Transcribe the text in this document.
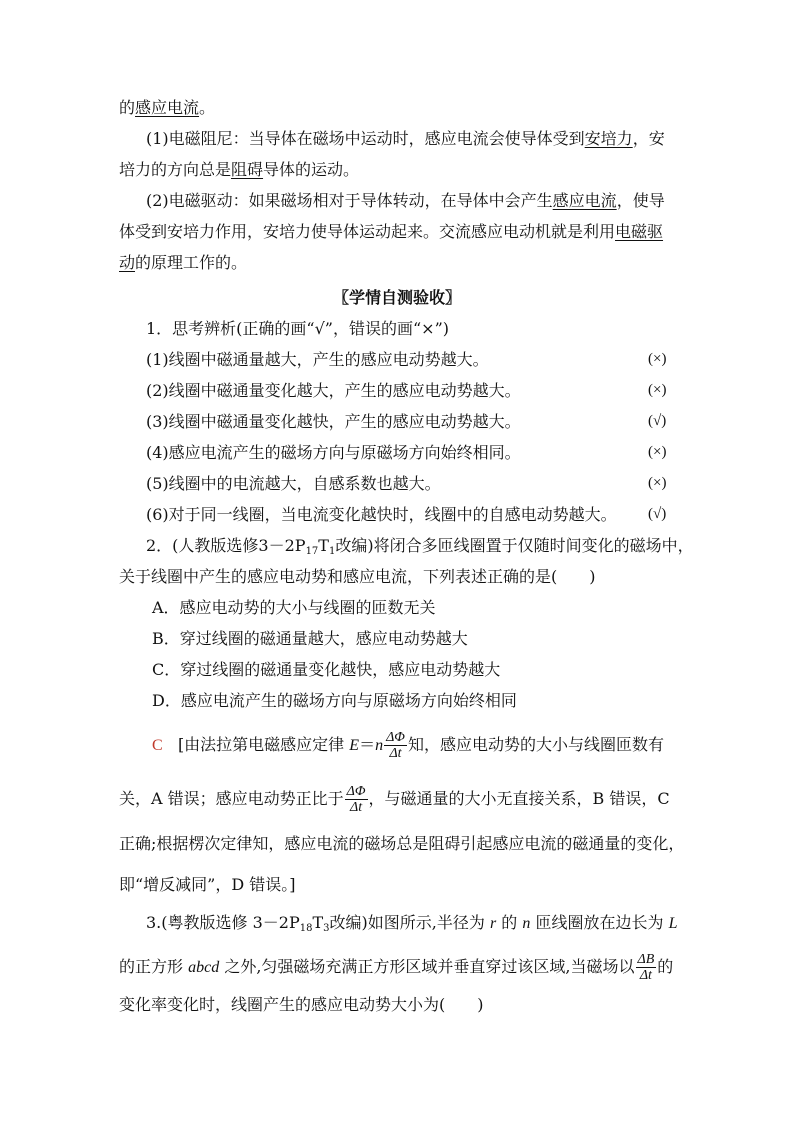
的感应电流。
(1)电磁阻尼：当导体在磁场中运动时，感应电流会使导体受到安培力，安
培力的方向总是阻碍导体的运动。
(2)电磁驱动：如果磁场相对于导体转动，在导体中会产生感应电流，使导
体受到安培力作用，安培力使导体运动起来。交流感应电动机就是利用电磁驱
动的原理工作的。
〖学情自测验收〗
1．思考辨析(正确的画“√”，错误的画“×”)
(1)线圈中磁通量越大，产生的感应电动势越大。	(×)
(2)线圈中磁通量变化越大，产生的感应电动势越大。	(×)
(3)线圈中磁通量变化越快，产生的感应电动势越大。	(√)
(4)感应电流产生的磁场方向与原磁场方向始终相同。	(×)
(5)线圈中的电流越大，自感系数也越大。	(×)
(6)对于同一线圈，当电流变化越快时，线圈中的自感电动势越大。 (√)
2．(人教版选修$3-2P_{17}T_1$改编)将闭合多匝线圈置于仅随时间变化的磁场中，
关于线圈中产生的感应电动势和感应电流，下列表述正确的是(　　)
A．感应电动势的大小与线圈的匝数无关
B．穿过线圈的磁通量越大，感应电动势越大
C．穿过线圈的磁通量变化越快，感应电动势越大
D．感应电流产生的磁场方向与原磁场方向始终相同
C [由法拉第电磁感应定律 $E=n \frac{\Delta\Phi}{\Delta t}$ 知，感应电动势的大小与线圈匝数有
关，A 错误；感应电动势正比于 $\frac{\Delta\Phi}{\Delta t}$ ，与磁通量的大小无直接关系，B 错误，C
正确;根据楞次定律知，感应电流的磁场总是阻碍引起感应电流的磁通量的变化，
即“增反减同”，D 错误。]
3.(粤教版选修 $3-2P_{18}T_3$改编)如图所示,半径为 r 的 n 匝线圈放在边长为 L
的正方形 abcd 之外,匀强磁场充满正方形区域并垂直穿过该区域,当磁场以 $\frac{\Delta B}{\Delta t}$ 的
变化率变化时，线圈产生的感应电动势大小为(　　)
